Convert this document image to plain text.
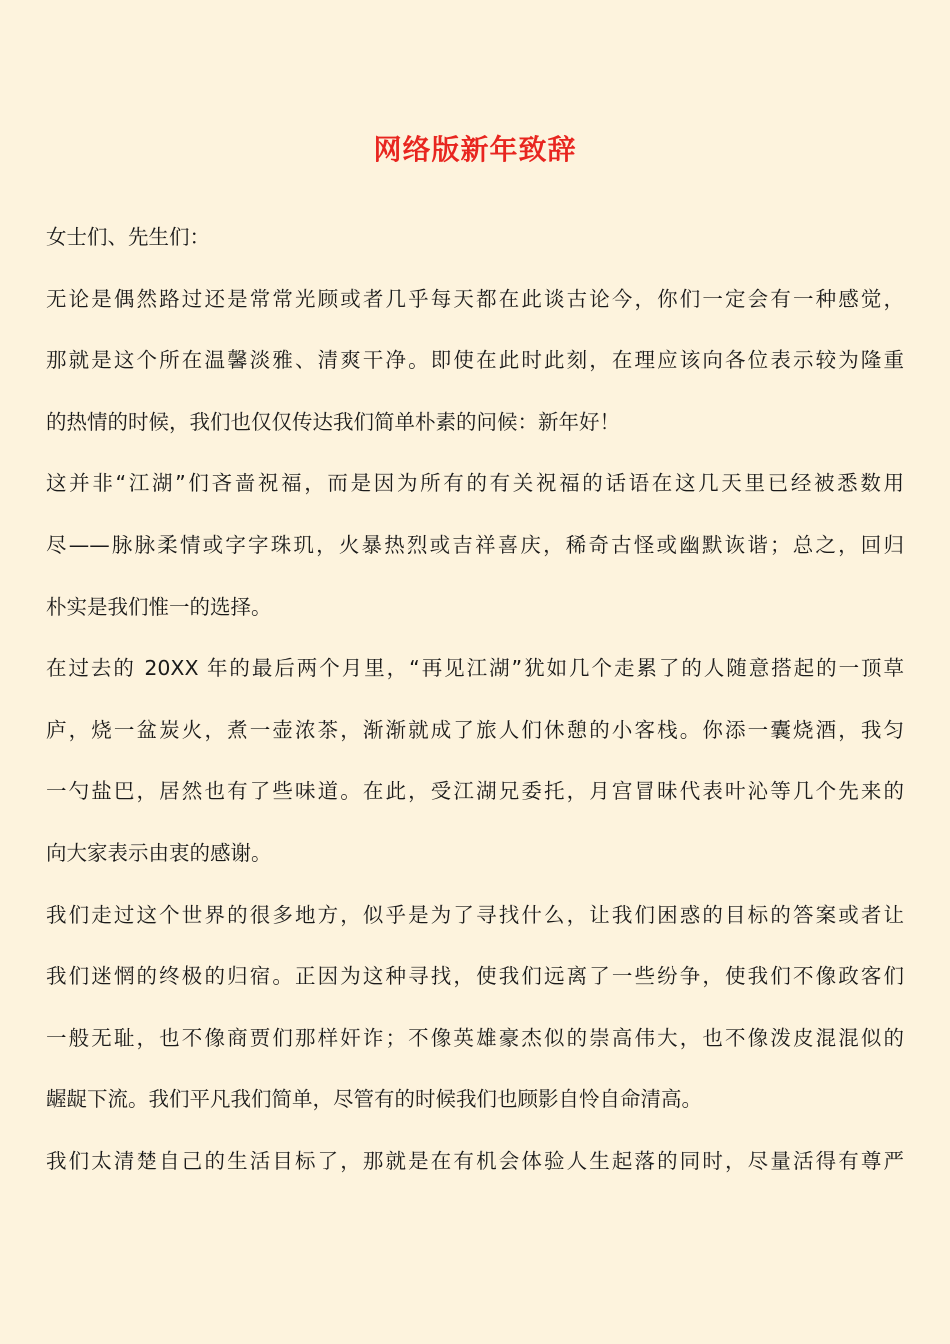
网络版新年致辞
女士们、先生们：
无论是偶然路过还是常常光顾或者几乎每天都在此谈古论今，你们一定会有一种感觉，
那就是这个所在温馨淡雅、清爽干净。即使在此时此刻，在理应该向各位表示较为隆重
的热情的时候，我们也仅仅传达我们简单朴素的问候：新年好！
这并非“江湖”们吝啬祝福，而是因为所有的有关祝福的话语在这几天里已经被悉数用
尽——脉脉柔情或字字珠玑，火暴热烈或吉祥喜庆，稀奇古怪或幽默诙谐；总之，回归
朴实是我们惟一的选择。
在过去的 20XX 年的最后两个月里，“再见江湖”犹如几个走累了的人随意搭起的一顶草
庐，烧一盆炭火，煮一壶浓茶，渐渐就成了旅人们休憩的小客栈。你添一囊烧酒，我匀
一勺盐巴，居然也有了些味道。在此，受江湖兄委托，月宫冒昧代表叶沁等几个先来的
向大家表示由衷的感谢。
我们走过这个世界的很多地方，似乎是为了寻找什么，让我们困惑的目标的答案或者让
我们迷惘的终极的归宿。正因为这种寻找，使我们远离了一些纷争，使我们不像政客们
一般无耻，也不像商贾们那样奸诈；不像英雄豪杰似的崇高伟大，也不像泼皮混混似的
龌龊下流。我们平凡我们简单，尽管有的时候我们也顾影自怜自命清高。
我们太清楚自己的生活目标了，那就是在有机会体验人生起落的同时，尽量活得有尊严
